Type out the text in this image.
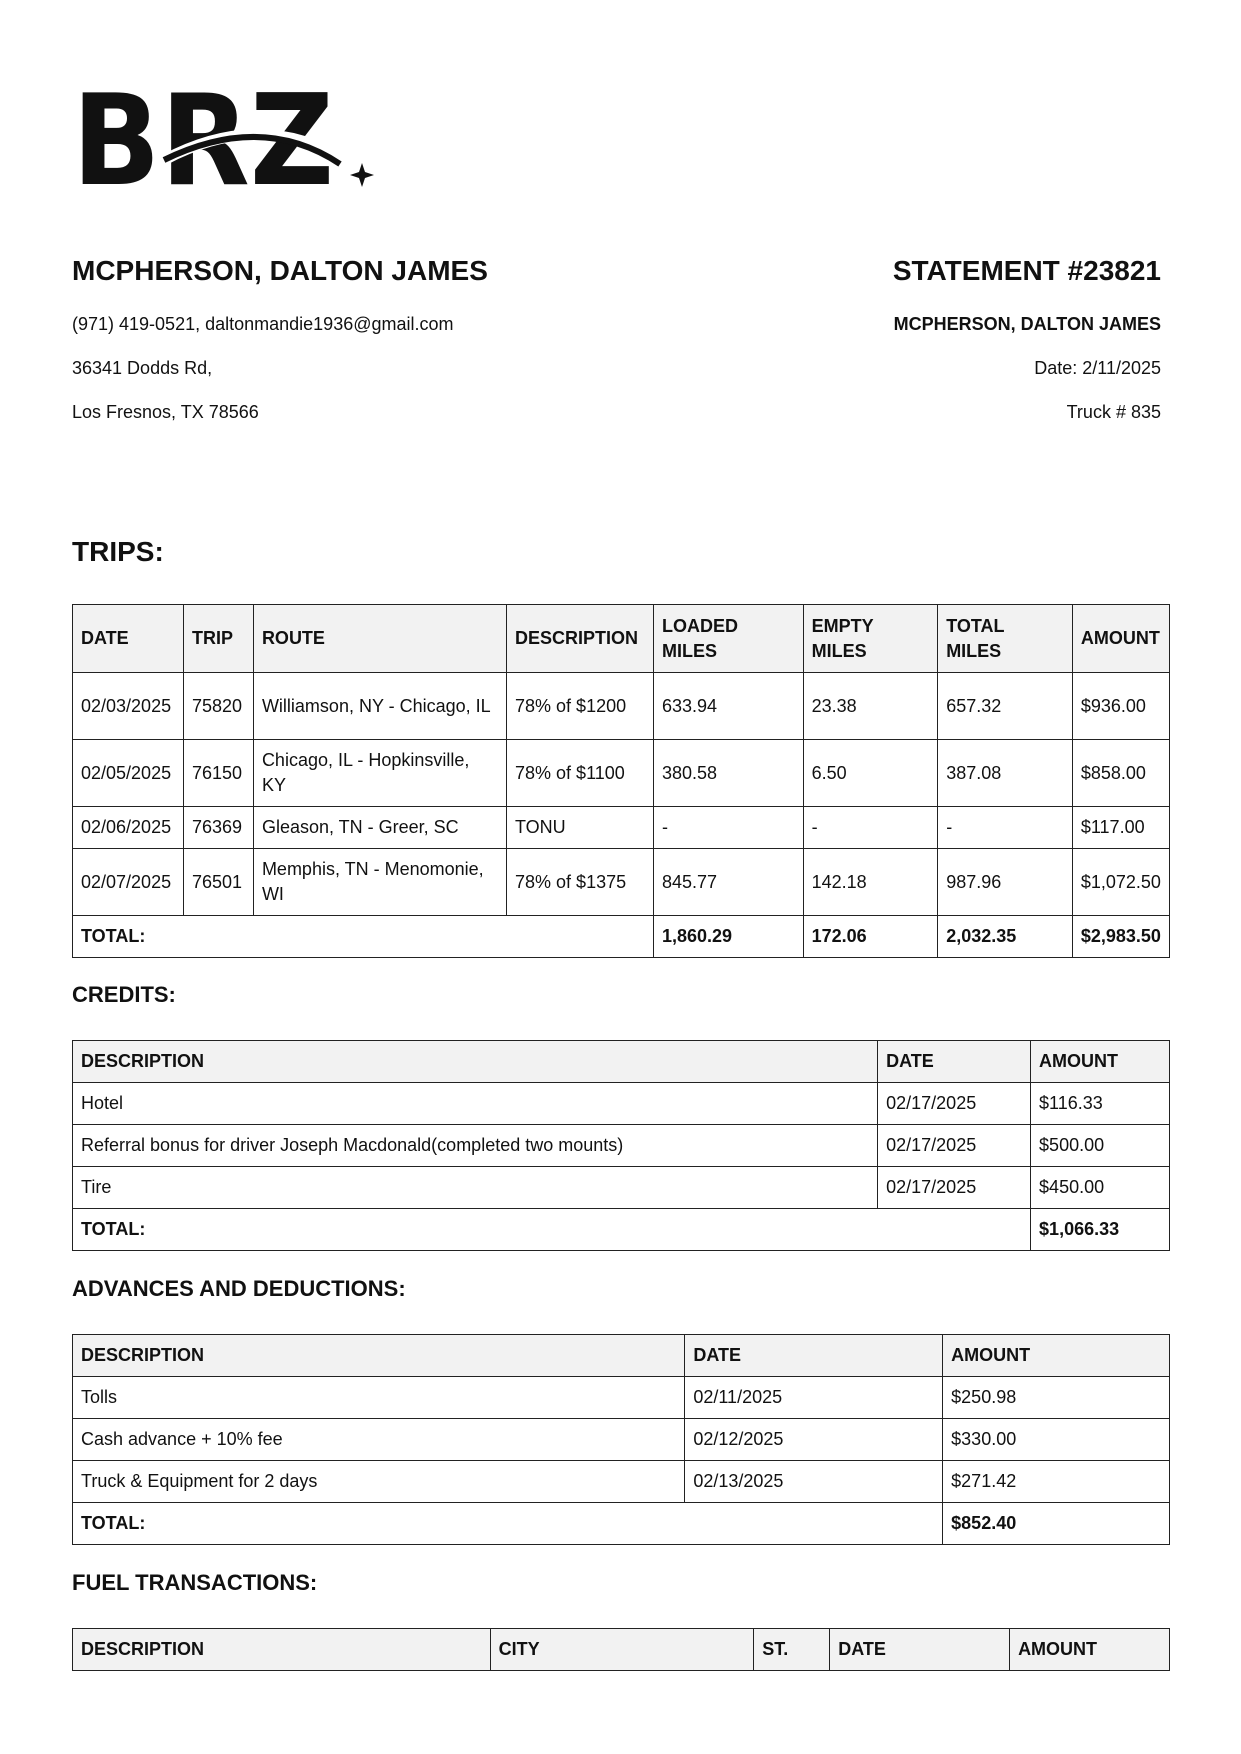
BRZ
MCPHERSON, DALTON JAMES
(971) 419-0521, daltonmandie1936@gmail.com
36341 Dodds Rd,
Los Fresnos, TX 78566
STATEMENT #23821
MCPHERSON, DALTON JAMES
Date: 2/11/2025
Truck # 835
TRIPS:
DATE	TRIP	ROUTE	DESCRIPTION	LOADED MILES	EMPTY MILES	TOTAL MILES	AMOUNT
02/03/2025	75820	Williamson, NY - Chicago, IL	78% of $1200	633.94	23.38	657.32	$936.00
02/05/2025	76150	Chicago, IL - Hopkinsville, KY	78% of $1100	380.58	6.50	387.08	$858.00
02/06/2025	76369	Gleason, TN - Greer, SC	TONU	-	-	-	$117.00
02/07/2025	76501	Memphis, TN - Menomonie, WI	78% of $1375	845.77	142.18	987.96	$1,072.50
TOTAL:				1,860.29	172.06	2,032.35	$2,983.50
CREDITS:
DESCRIPTION	DATE	AMOUNT
Hotel	02/17/2025	$116.33
Referral bonus for driver Joseph Macdonald(completed two mounts)	02/17/2025	$500.00
Tire	02/17/2025	$450.00
TOTAL:		$1,066.33
ADVANCES AND DEDUCTIONS:
DESCRIPTION	DATE	AMOUNT
Tolls	02/11/2025	$250.98
Cash advance + 10% fee	02/12/2025	$330.00
Truck & Equipment for 2 days	02/13/2025	$271.42
TOTAL:		$852.40
FUEL TRANSACTIONS:
DESCRIPTION	CITY	ST.	DATE	AMOUNT
